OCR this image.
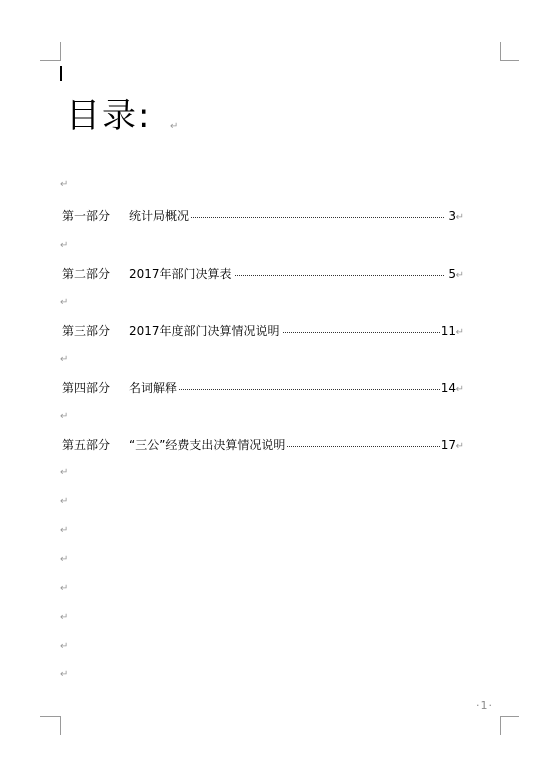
目录: ↵
↵
第一部分 统计局概况	3 ↵
↵
第二部分 2017年部门决算表	5 ↵
↵
第三部分 2017年度部门决算情况说明	11 ↵
↵
第四部分 名词解释	14 ↵
↵
第五部分 “三公”经费支出决算情况说明	17 ↵
↵
↵
↵
↵
↵
↵
↵
↵
·1·
